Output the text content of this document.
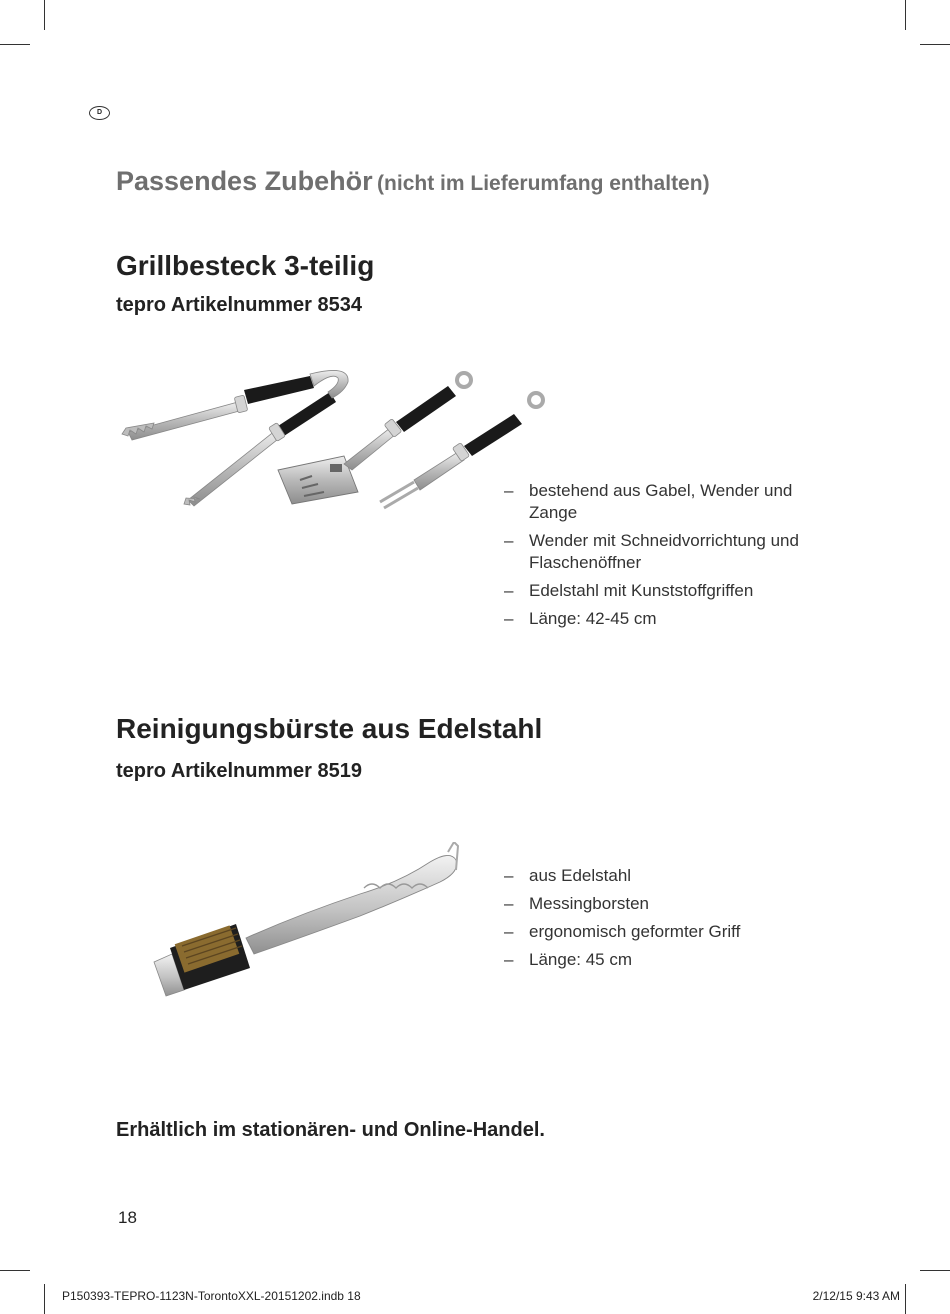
D
Passendes Zubehör (nicht im Lieferumfang enthalten)
Grillbesteck 3-teilig
tepro Artikelnummer 8534
– bestehend aus Gabel, Wender und Zange
– Wender mit Schneidvorrichtung und Flaschenöffner
– Edelstahl mit Kunststoffgriffen
– Länge: 42-45 cm
Reinigungsbürste aus Edelstahl
tepro Artikelnummer 8519
– aus Edelstahl
– Messingborsten
– ergonomisch geformter Griff
– Länge: 45 cm
Erhältlich im stationären- und Online-Handel.
18
P150393-TEPRO-1123N-TorontoXXL-20151202.indb 18	2/12/15 9:43 AM
